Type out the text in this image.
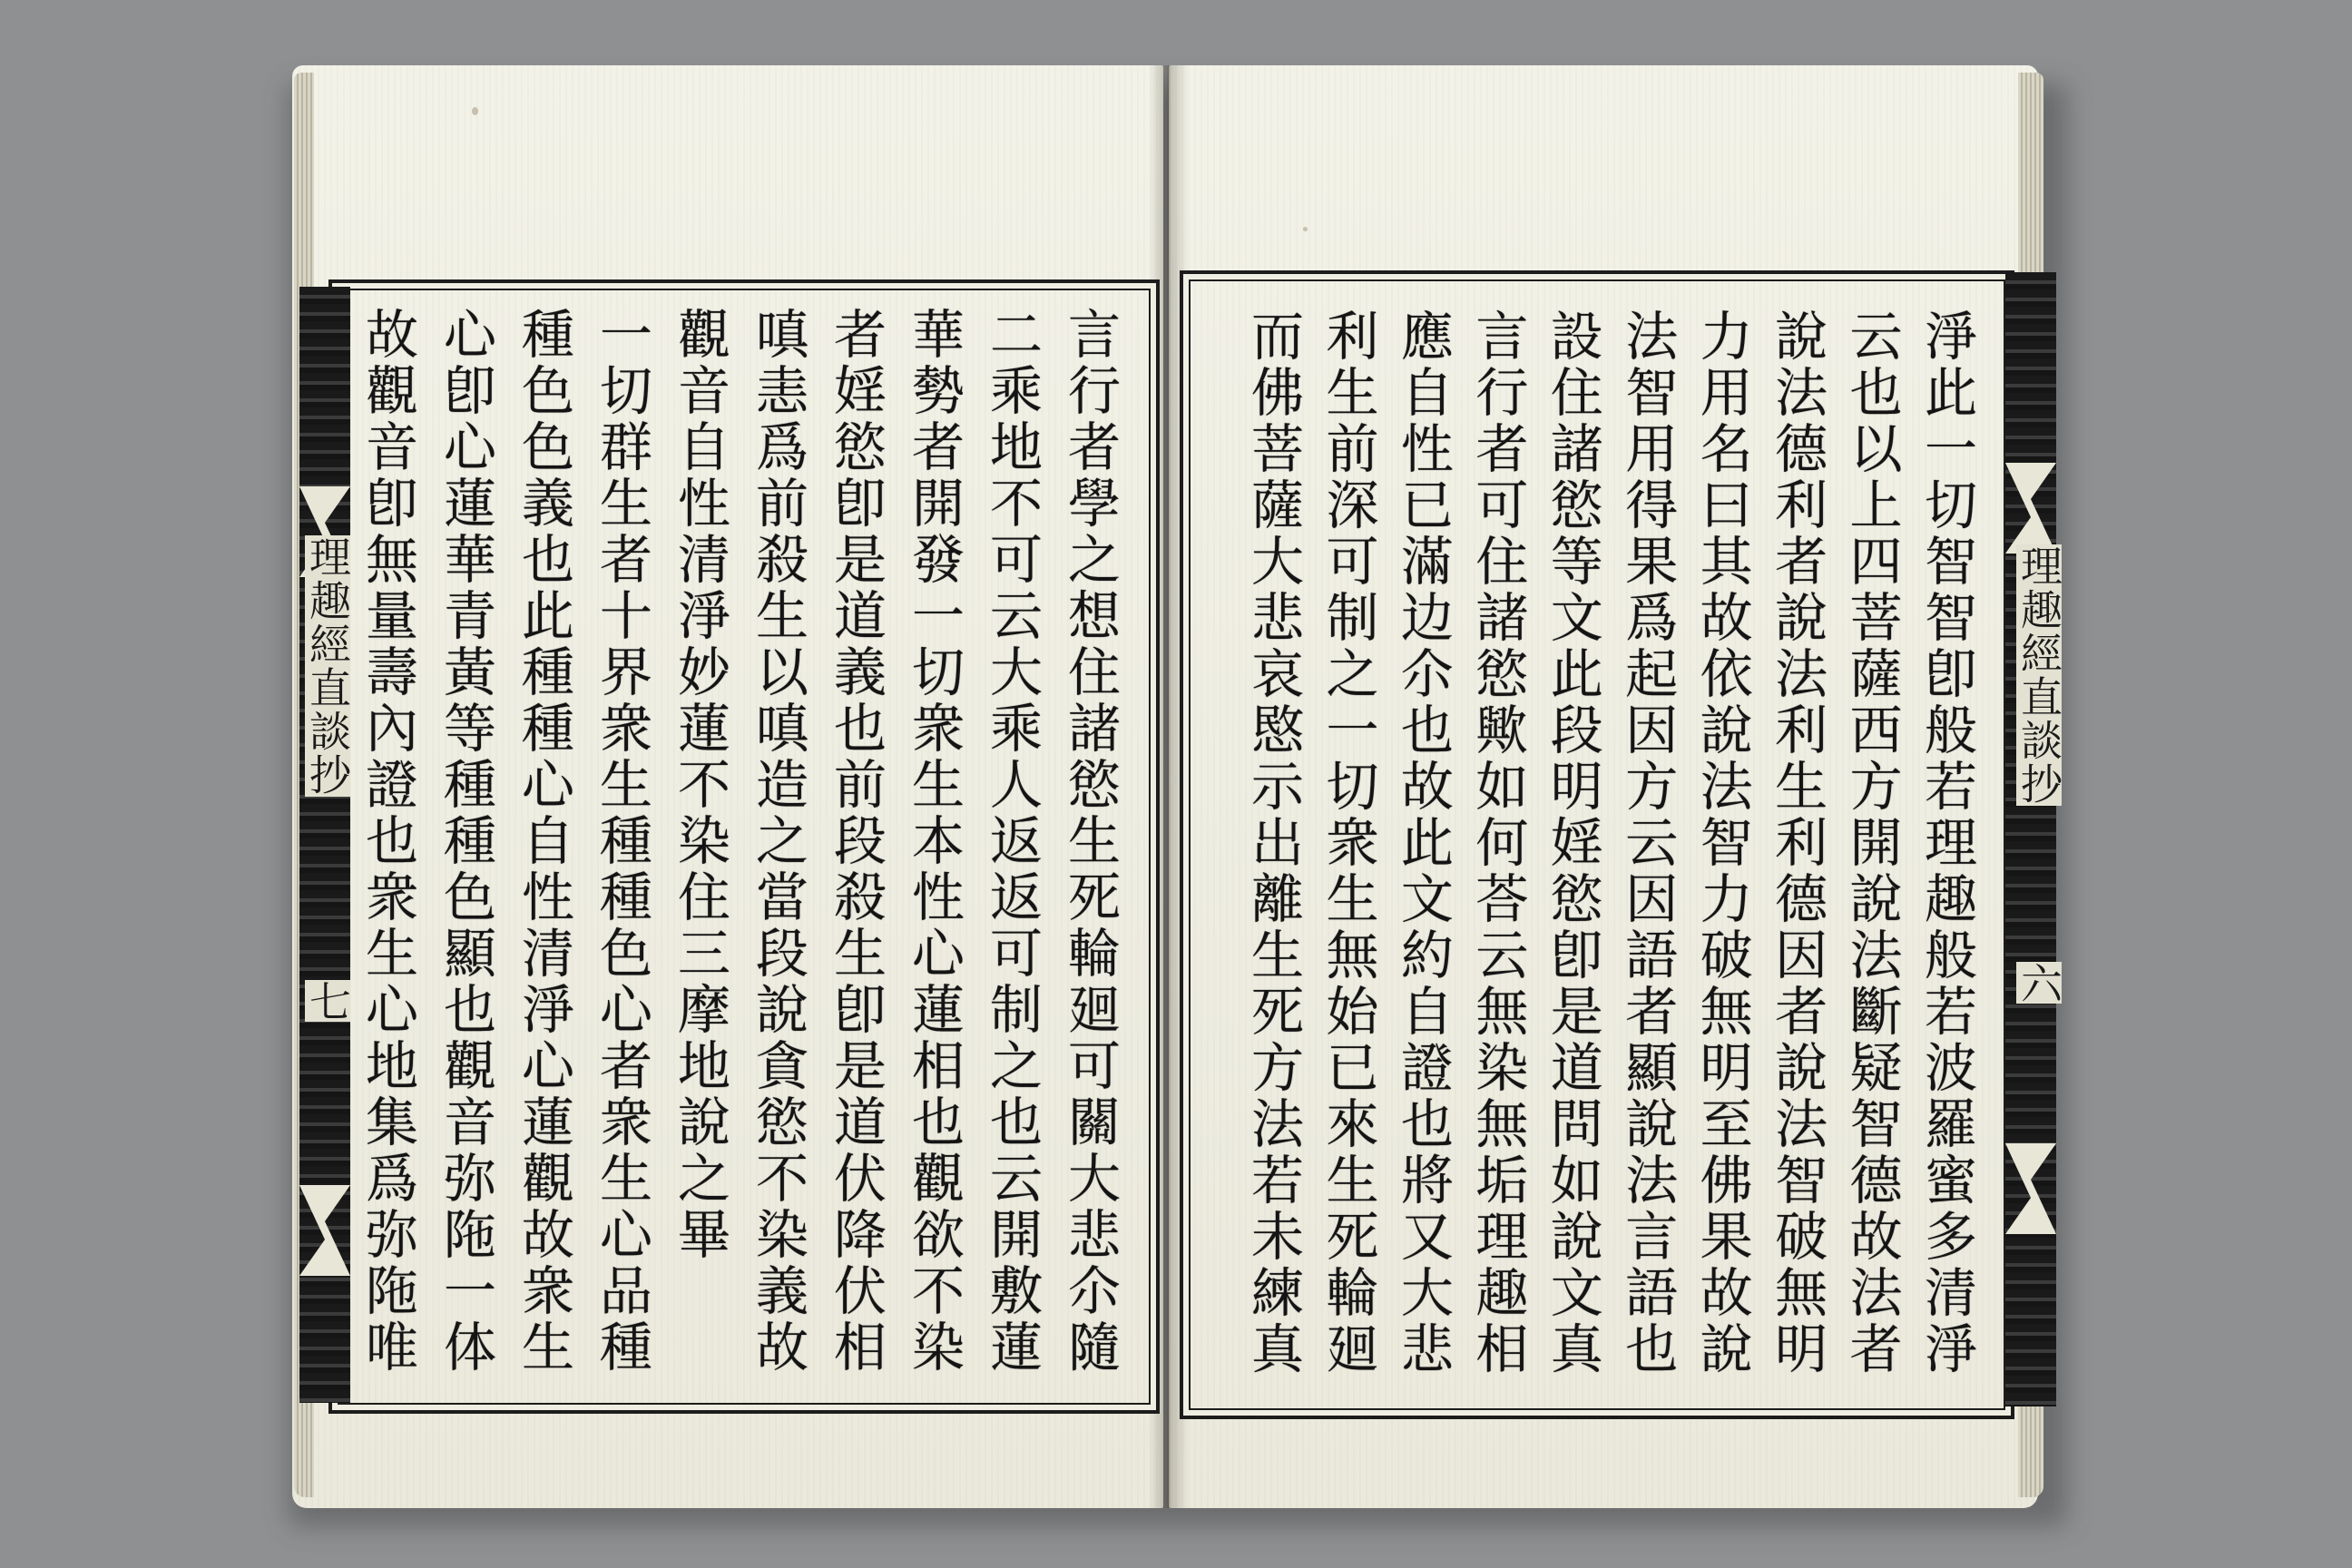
理趣經直談抄
六
淨此一切智智卽般若理趣般若波羅蜜多清淨
云也以上四菩薩西方開說法斷疑智德故法者
說法德利者說法利生利德因者說法智破無明
力用名曰其故依說法智力破無明至佛果故說
法智用得果爲起因方云因語者顯說法言語也
設住諸慾等文此段明婬慾卽是道問如說文真
言行者可住諸慾歟如何荅云無染無垢理趣相
應自性已滿边尒也故此文約自證也將又大悲
利生前深可制之一切衆生無始已來生死輪廻
而佛菩薩大悲哀愍示出離生死方法若未練真
理趣經直談抄
七	言行者學之想住諸慾生死輪廻可關大悲尒隨
二乘地不可云大乘人返返可制之也云開敷蓮
華勢者開發一切衆生本性心蓮相也觀欲不染
者婬慾卽是道義也前段殺生卽是道伏降伏相
嗔恚爲前殺生以嗔造之當段說貪慾不染義故
觀音自性清淨妙蓮不染住三摩地說之畢
一切群生者十界衆生種種色心者衆生心品種
種色色義也此種種心自性清淨心蓮觀故衆生
心卽心蓮華青黃等種種色顯也觀音弥陁一体
故觀音卽無量壽內證也衆生心地集爲弥陁唯
